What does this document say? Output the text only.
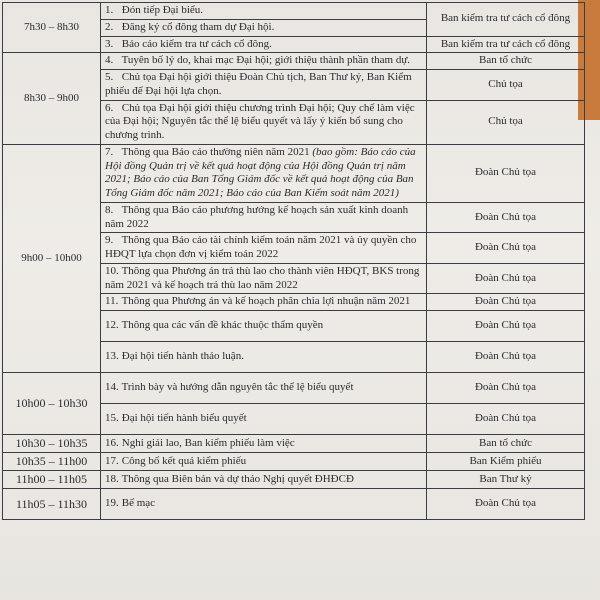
7h30 – 8h30	1. Đón tiếp Đại biểu.	Ban kiểm tra tư cách cổ đông
	2. Đăng ký cổ đông tham dự Đại hội.	
	3. Báo cáo kiểm tra tư cách cổ đông.	Ban kiểm tra tư cách cổ đông
8h30 – 9h00	4. Tuyên bố lý do, khai mạc Đại hội; giới thiệu thành phần tham dự.	Ban tổ chức
	5. Chủ tọa Đại hội giới thiệu Đoàn Chủ tịch, Ban Thư ký, Ban Kiểm phiếu để Đại hội lựa chọn.	Chủ tọa
	6. Chủ tọa Đại hội giới thiệu chương trình Đại hội; Quy chế làm việc của Đại hội; Nguyên tắc thể lệ biểu quyết và lấy ý kiến bổ sung cho chương trình.	Chủ tọa
9h00 – 10h00	7. Thông qua Báo cáo thường niên năm 2021 (bao gồm: Báo cáo của Hội đồng Quản trị về kết quả hoạt động của Hội đồng Quản trị năm 2021; Báo cáo của Ban Tổng Giám đốc về kết quả hoạt động của Ban Tổng Giám đốc năm 2021; Báo cáo của Ban Kiểm soát năm 2021)	Đoàn Chủ tọa
	8. Thông qua Báo cáo phương hướng kế hoạch sản xuất kinh doanh năm 2022	Đoàn Chủ tọa
	9. Thông qua Báo cáo tài chính kiểm toán năm 2021 và ủy quyền cho HĐQT lựa chọn đơn vị kiểm toán 2022	Đoàn Chủ tọa
	10. Thông qua Phương án trả thù lao cho thành viên HĐQT, BKS trong năm 2021 và kế hoạch trả thù lao năm 2022	Đoàn Chủ tọa
	11. Thông qua Phương án và kế hoạch phân chia lợi nhuận năm 2021	Đoàn Chủ tọa
	12. Thông qua các vấn đề khác thuộc thẩm quyền	Đoàn Chủ tọa
	13. Đại hội tiến hành thảo luận.	Đoàn Chủ tọa
10h00 – 10h30	14. Trình bày và hướng dẫn nguyên tắc thể lệ biểu quyết	Đoàn Chủ tọa
	15. Đại hội tiến hành biểu quyết	Đoàn Chủ tọa
10h30 – 10h35	16. Nghỉ giải lao, Ban kiểm phiếu làm việc	Ban tổ chức
10h35 – 11h00	17. Công bố kết quả kiểm phiếu	Ban Kiểm phiếu
11h00 – 11h05	18. Thông qua Biên bản và dự thảo Nghị quyết ĐHĐCĐ	Ban Thư ký
11h05 – 11h30	19. Bế mạc	Đoàn Chủ tọa
